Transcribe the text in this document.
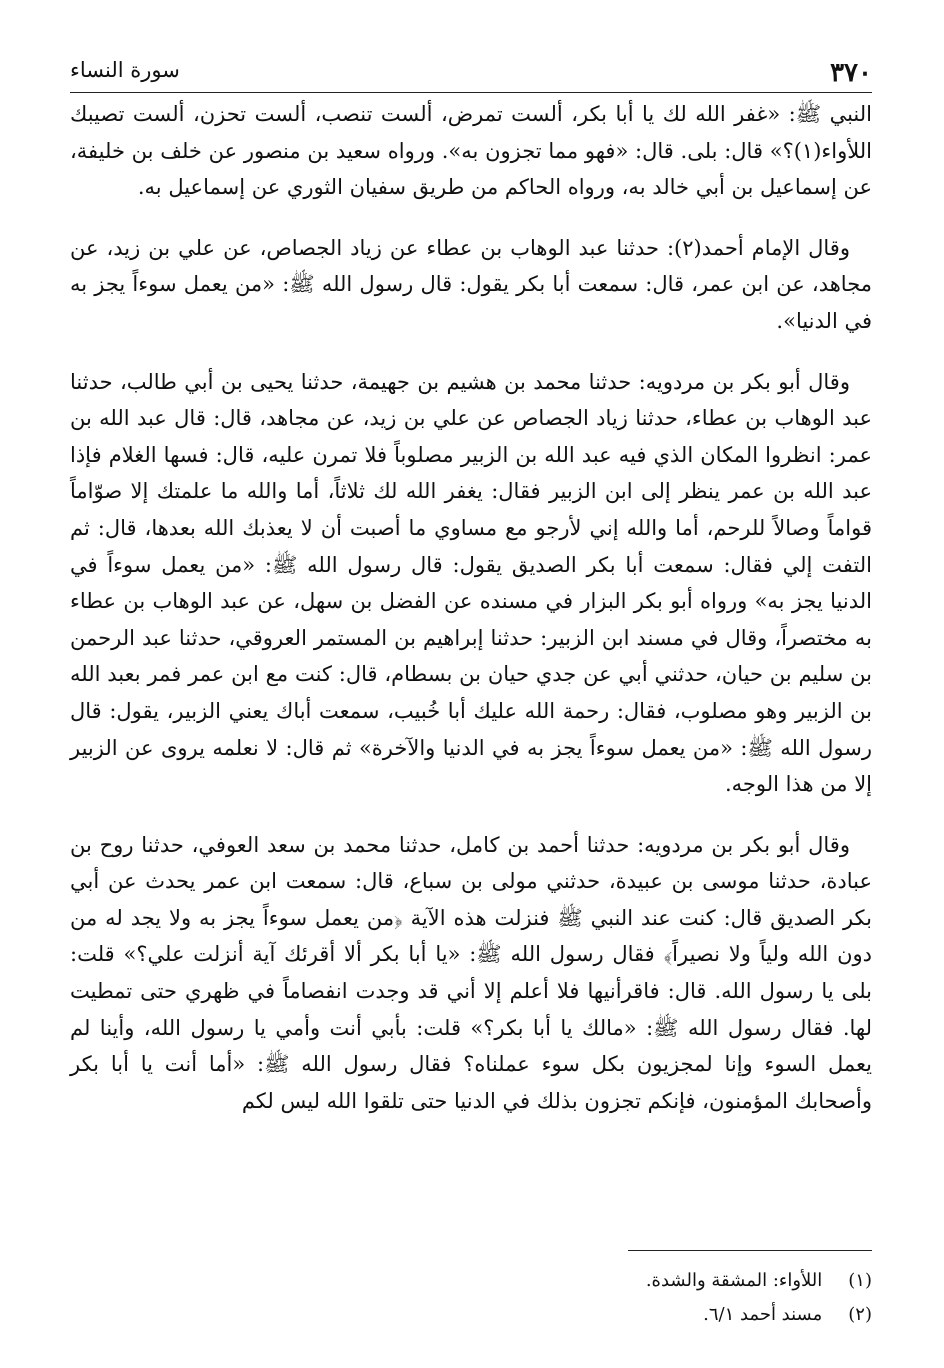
٣٧٠
سورة النساء

النبي ﷺ: «غفر الله لك يا أبا بكر، ألست تمرض، ألست تنصب، ألست تحزن، ألست تصيبك اللأواء(١)؟» قال: بلى. قال: «فهو مما تجزون به». ورواه سعيد بن منصور عن خلف بن خليفة، عن إسماعيل بن أبي خالد به، ورواه الحاكم من طريق سفيان الثوري عن إسماعيل به.

وقال الإمام أحمد(٢): حدثنا عبد الوهاب بن عطاء عن زياد الجصاص، عن علي بن زيد، عن مجاهد، عن ابن عمر، قال: سمعت أبا بكر يقول: قال رسول الله ﷺ: «من يعمل سوءاً يجز به في الدنيا».

وقال أبو بكر بن مردويه: حدثنا محمد بن هشيم بن جهيمة، حدثنا يحيى بن أبي طالب، حدثنا عبد الوهاب بن عطاء، حدثنا زياد الجصاص عن علي بن زيد، عن مجاهد، قال: قال عبد الله بن عمر: انظروا المكان الذي فيه عبد الله بن الزبير مصلوباً فلا تمرن عليه، قال: فسها الغلام فإذا عبد الله بن عمر ينظر إلى ابن الزبير فقال: يغفر الله لك ثلاثاً، أما والله ما علمتك إلا صوّاماً قواماً وصالاً للرحم، أما والله إني لأرجو مع مساوي ما أصبت أن لا يعذبك الله بعدها، قال: ثم التفت إلي فقال: سمعت أبا بكر الصديق يقول: قال رسول الله ﷺ: «من يعمل سوءاً في الدنيا يجز به» ورواه أبو بكر البزار في مسنده عن الفضل بن سهل، عن عبد الوهاب بن عطاء به مختصراً، وقال في مسند ابن الزبير: حدثنا إبراهيم بن المستمر العروقي، حدثنا عبد الرحمن بن سليم بن حيان، حدثني أبي عن جدي حيان بن بسطام، قال: كنت مع ابن عمر فمر بعبد الله بن الزبير وهو مصلوب، فقال: رحمة الله عليك أبا خُبيب، سمعت أباك يعني الزبير، يقول: قال رسول الله ﷺ: «من يعمل سوءاً يجز به في الدنيا والآخرة» ثم قال: لا نعلمه يروى عن الزبير إلا من هذا الوجه.

وقال أبو بكر بن مردويه: حدثنا أحمد بن كامل، حدثنا محمد بن سعد العوفي، حدثنا روح بن عبادة، حدثنا موسى بن عبيدة، حدثني مولى بن سباع، قال: سمعت ابن عمر يحدث عن أبي بكر الصديق قال: كنت عند النبي ﷺ فنزلت هذه الآية ﴿من يعمل سوءاً يجز به ولا يجد له من دون الله ولياً ولا نصيراً﴾ فقال رسول الله ﷺ: «يا أبا بكر ألا أقرئك آية أنزلت علي؟» قلت: بلى يا رسول الله. قال: فاقرأنيها فلا أعلم إلا أني قد وجدت انفصاماً في ظهري حتى تمطيت لها. فقال رسول الله ﷺ: «مالك يا أبا بكر؟» قلت: بأبي أنت وأمي يا رسول الله، وأينا لم يعمل السوء وإنا لمجزيون بكل سوء عملناه؟ فقال رسول الله ﷺ: «أما أنت يا أبا بكر وأصحابك المؤمنون، فإنكم تجزون بذلك في الدنيا حتى تلقوا الله ليس لكم

(١) اللأواء: المشقة والشدة.
(٢) مسند أحمد ٦/١.
